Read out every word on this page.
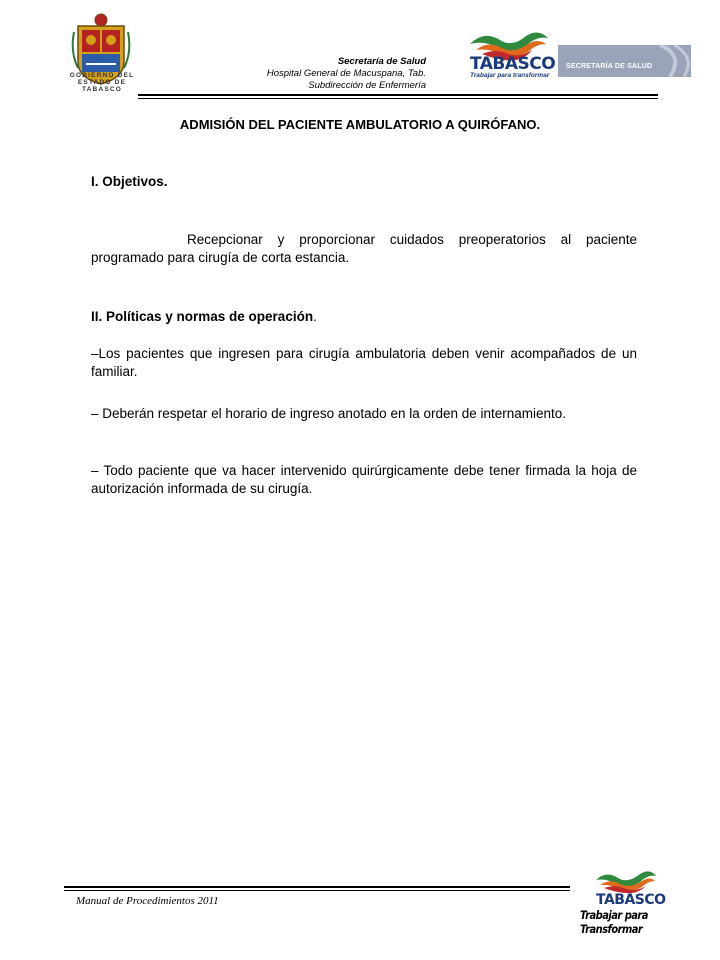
GOBIERNO DEL
ESTADO DE
TABASCO
Secretaría de Salud
Hospital General de Macuspana, Tab.
Subdirección de Enfermería
TABASCO
Trabajar para transformar
SECRETARÍA DE SALUD
ADMISIÓN DEL PACIENTE AMBULATORIO A QUIRÓFANO.
I. Objetivos.
Recepcionar y proporcionar cuidados preoperatorios al paciente programado para cirugía de corta estancia.
II. Políticas y normas de operación.
–Los pacientes que ingresen para cirugía ambulatoria deben venir acompañados de un familiar.
– Deberán respetar el horario de ingreso anotado en la orden de internamiento.
– Todo paciente que va hacer intervenido quirúrgicamente debe tener firmada la hoja de autorización informada de su cirugía.
Manual de Procedimientos 2011	TABASCO
Trabajar para Transformar
